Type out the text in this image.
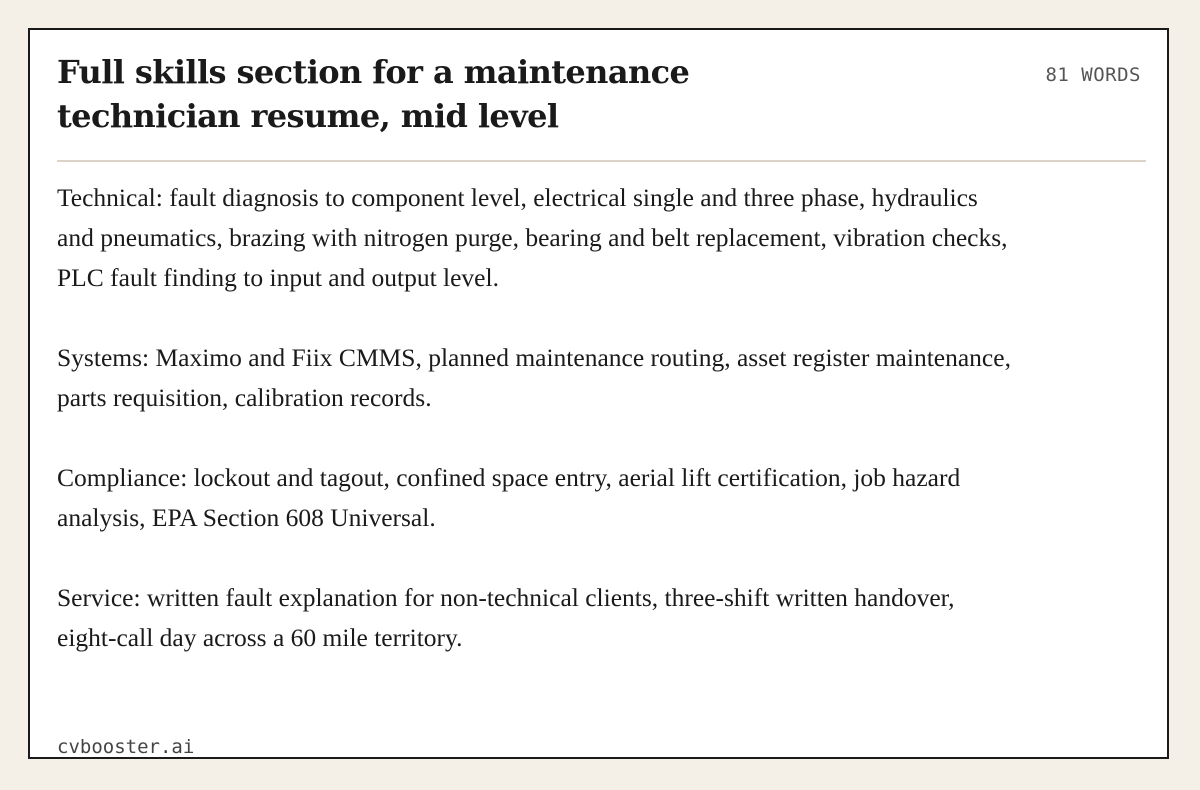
Full skills section for a maintenance technician resume, mid level
81 WORDS

Technical: fault diagnosis to component level, electrical single and three phase, hydraulics and pneumatics, brazing with nitrogen purge, bearing and belt replacement, vibration checks, PLC fault finding to input and output level.

Systems: Maximo and Fiix CMMS, planned maintenance routing, asset register maintenance, parts requisition, calibration records.

Compliance: lockout and tagout, confined space entry, aerial lift certification, job hazard analysis, EPA Section 608 Universal.

Service: written fault explanation for non-technical clients, three-shift written handover, eight-call day across a 60 mile territory.

cvbooster.ai
